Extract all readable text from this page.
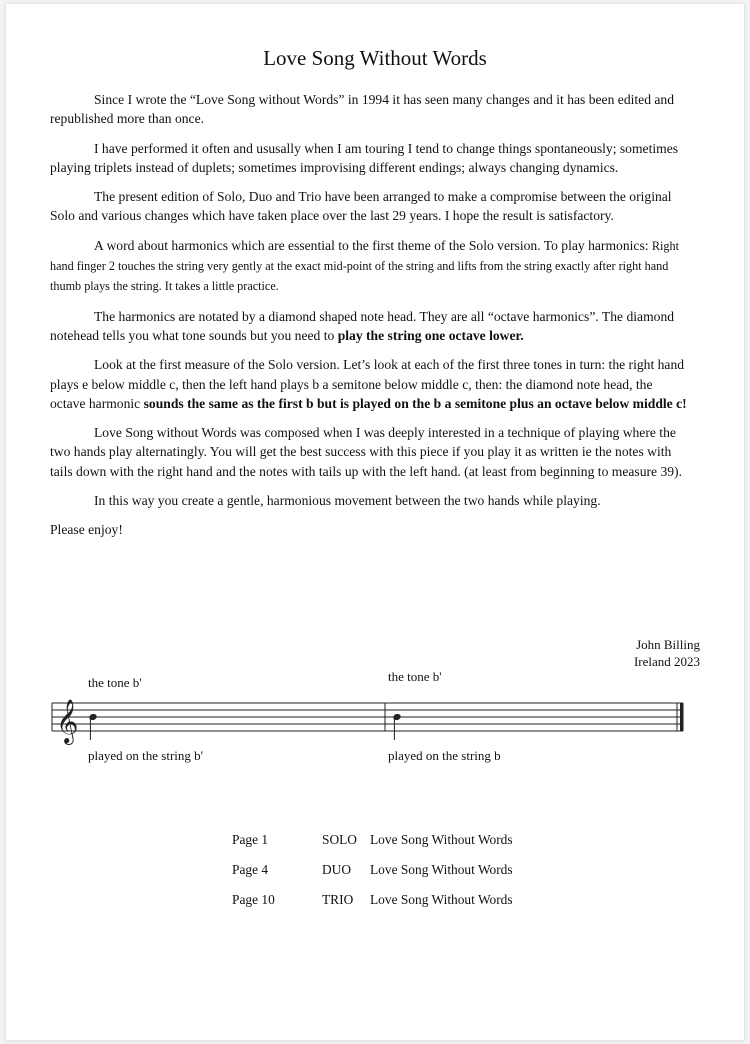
Love Song Without Words

Since I wrote the “Love Song without Words” in 1994 it has seen many changes and it has been edited and republished more than once.

I have performed it often and ususally when I am touring I tend to change things spontaneously; sometimes playing triplets instead of duplets; sometimes improvising different endings; always changing dynamics.

The present edition of Solo, Duo and Trio have been arranged to make a compromise between the original Solo and various changes which have taken place over the last 29 years. I hope the result is satisfactory.

A word about harmonics which are essential to the first theme of the Solo version. To play harmonics: Right hand finger 2 touches the string very gently at the exact mid-point of the string and lifts from the string exactly after right hand thumb plays the string. It takes a little practice.

The harmonics are notated by a diamond shaped note head. They are all “octave harmonics”. The diamond notehead tells you what tone sounds but you need to play the string one octave lower.

Look at the first measure of the Solo version. Let’s look at each of the first three tones in turn: the right hand plays e below middle c, then the left hand plays b a semitone below middle c, then: the diamond note head, the octave harmonic sounds the same as the first b but is played on the b a semitone plus an octave below middle c!

Love Song without Words was composed when I was deeply interested in a technique of playing where the two hands play alternatingly. You will get the best success with this piece if you play it as written ie the notes with tails down with the right hand and the notes with tails up with the left hand. (at least from beginning to measure 39).

In this way you create a gentle, harmonious movement between the two hands while playing.

Please enjoy!

John Billing
Ireland 2023
the tone b'	the tone b'
𝄞
played on the string b'	played on the string b
Page 1	SOLO	Love Song Without Words
Page 4	DUO	Love Song Without Words
Page 10	TRIO	Love Song Without Words
